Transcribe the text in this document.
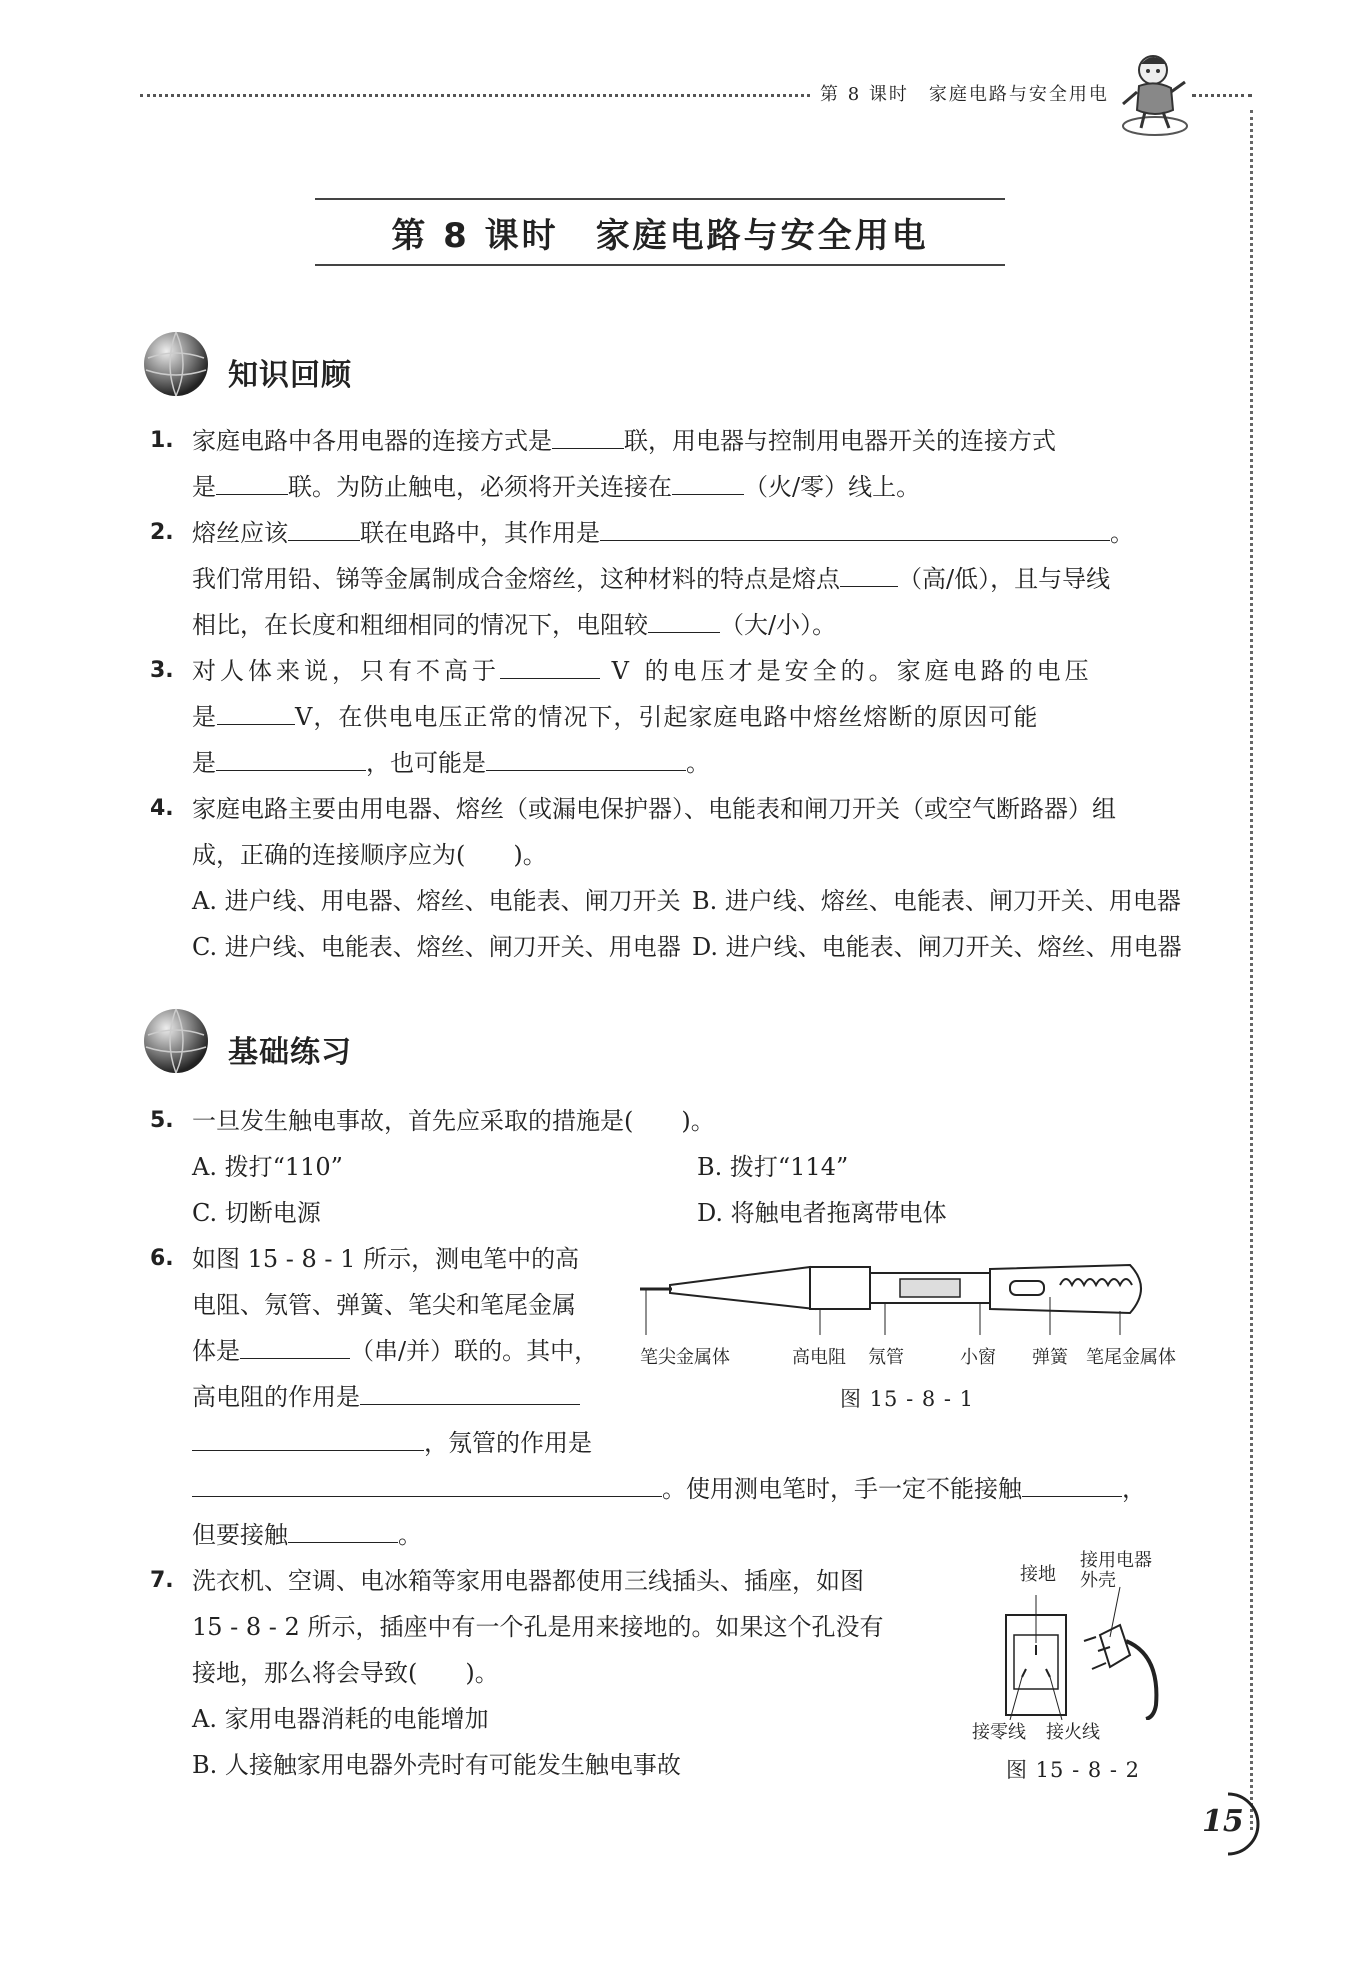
第 8 课时　家庭电路与安全用电
第 8 课时　家庭电路与安全用电
知识回顾
1. 家庭电路中各用电器的连接方式是	联，用电器与控制用电器开关的连接方式
是	联。为防止触电，必须将开关连接在	（火/零）线上。
2. 熔丝应该	联在电路中，其作用是	。
我们常用铅、锑等金属制成合金熔丝，这种材料的特点是熔点 （高/低），且与导线
相比，在长度和粗细相同的情况下，电阻较	（大/小）。
3. 对人体来说，只有不高于	V 的电压才是安全的。家庭电路的电压
是	V，在供电电压正常的情况下，引起家庭电路中熔丝熔断的原因可能
是	，也可能是	。
4. 家庭电路主要由用电器、熔丝（或漏电保护器）、电能表和闸刀开关（或空气断路器）组
成，正确的连接顺序应为(　　)。
A. 进户线、用电器、熔丝、电能表、闸刀开关 B. 进户线、熔丝、电能表、闸刀开关、用电器
C. 进户线、电能表、熔丝、闸刀开关、用电器 D. 进户线、电能表、闸刀开关、熔丝、用电器
基础练习
5. 一旦发生触电事故，首先应采取的措施是(　　)。
A. 拨打“110”	B. 拨打“114”
C. 切断电源	D. 将触电者拖离带电体
6. 如图 15 - 8 - 1 所示，测电笔中的高
电阻、氖管、弹簧、笔尖和笔尾金属
体是	（串/并）联的。其中，
高电阻的作用是
，氖管的作用是
。使用测电笔时，手一定不能接触	，
但要接触	。
笔尖金属体	高电阻 氖管	小窗 弹簧 笔尾金属体
图 15 - 8 - 1
7. 洗衣机、空调、电冰箱等家用电器都使用三线插头、插座，如图
15 - 8 - 2 所示，插座中有一个孔是用来接地的。如果这个孔没有
接地，那么将会导致(　　)。
A. 家用电器消耗的电能增加
B. 人接触家用电器外壳时有可能发生触电事故
接地
接用电器
外壳
接零线 接火线
图 15 - 8 - 2
15
